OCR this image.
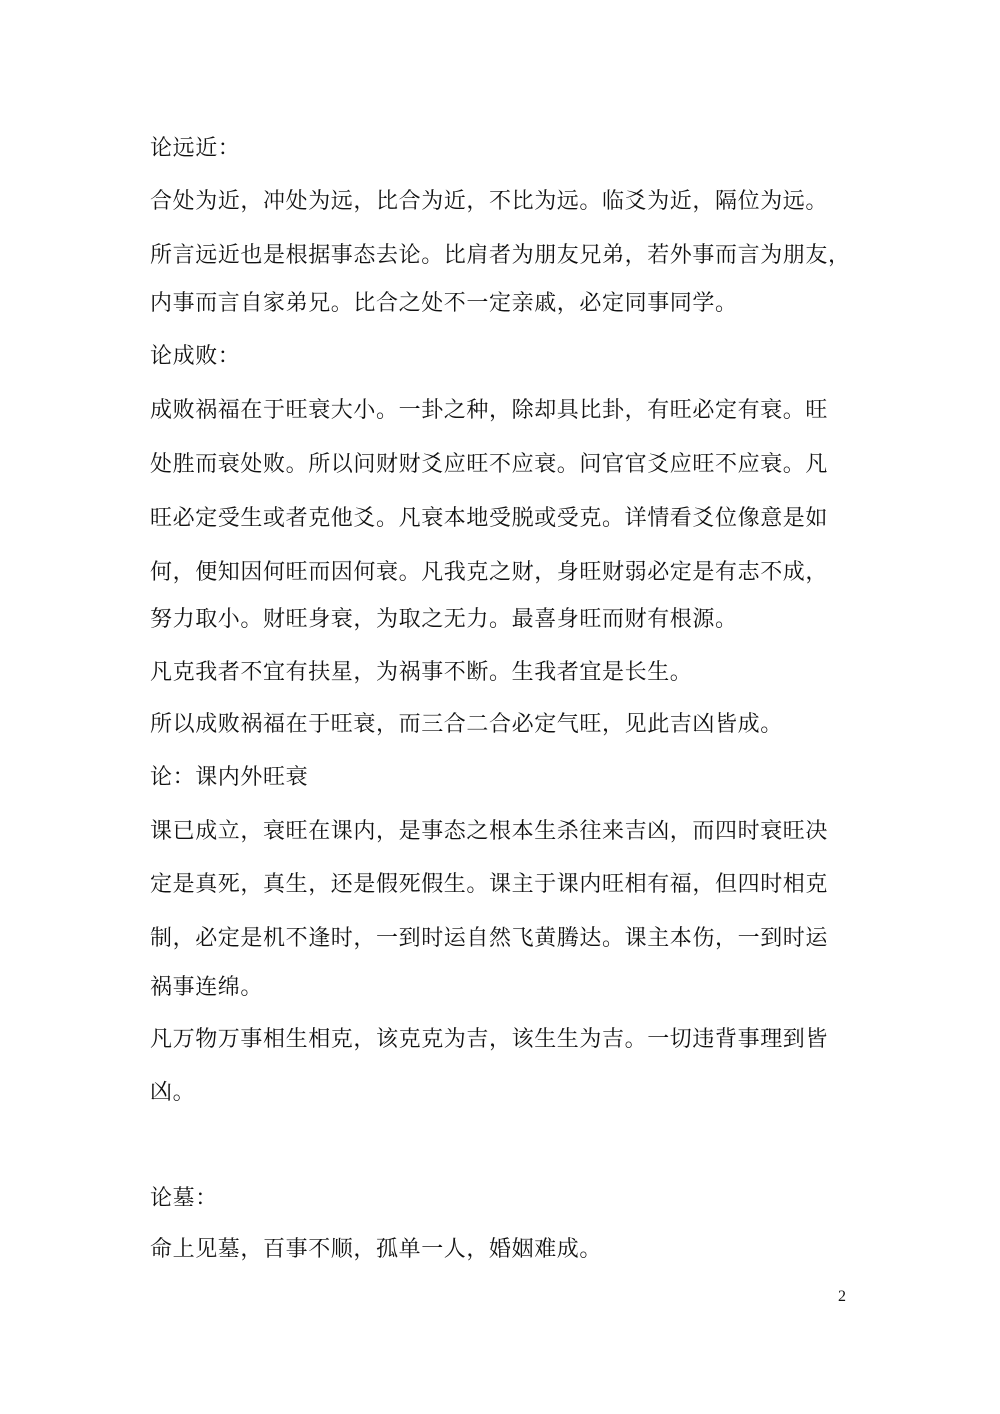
论远近：
合处为近，冲处为远，比合为近，不比为远。临爻为近，隔位为远。
所言远近也是根据事态去论。比肩者为朋友兄弟，若外事而言为朋友，
内事而言自家弟兄。比合之处不一定亲戚，必定同事同学。
论成败：
成败祸福在于旺衰大小。一卦之种，除却具比卦，有旺必定有衰。旺
处胜而衰处败。所以问财财爻应旺不应衰。问官官爻应旺不应衰。凡
旺必定受生或者克他爻。凡衰本地受脱或受克。详情看爻位像意是如
何，便知因何旺而因何衰。凡我克之财，身旺财弱必定是有志不成，
努力取小。财旺身衰，为取之无力。最喜身旺而财有根源。
凡克我者不宜有扶星，为祸事不断。生我者宜是长生。
所以成败祸福在于旺衰，而三合二合必定气旺，见此吉凶皆成。
论：课内外旺衰
课已成立，衰旺在课内，是事态之根本生杀往来吉凶，而四时衰旺决
定是真死，真生，还是假死假生。课主于课内旺相有福，但四时相克
制，必定是机不逢时，一到时运自然飞黄腾达。课主本伤，一到时运
祸事连绵。
凡万物万事相生相克，该克克为吉，该生生为吉。一切违背事理到皆
凶。
论墓：
命上见墓，百事不顺，孤单一人，婚姻难成。
2
